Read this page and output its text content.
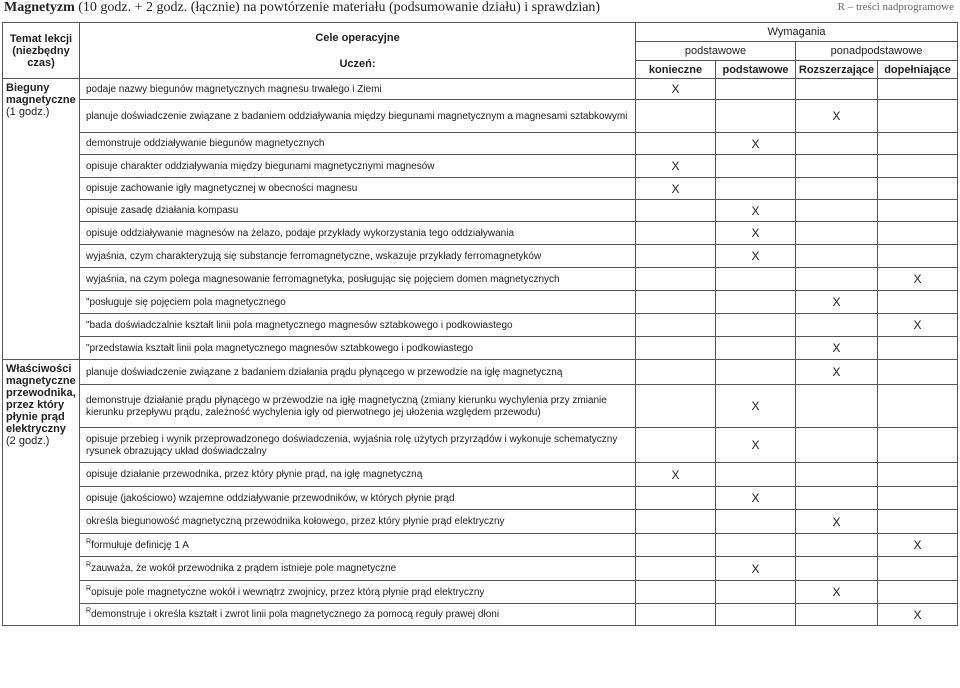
Magnetyzm (10 godz. + 2 godz. (łącznie) na powtórzenie materiału (podsumowanie działu) i sprawdzian)	R – treści nadprogramowe
Temat lekcji (niezbędny czas)	Cele operacyjne
Uczeń:	Wymagania			
		podstawowe		ponadpodstawowe	
		konieczne	podstawowe	Rozszerzające	dopełniające

Bieguny magnetyczne
(1 godz.)	podaje nazwy biegunów magnetycznych magnesu trwałego i Ziemi	X			
	planuje doświadczenie związane z badaniem oddziaływania między biegunami magnetycznym a magnesami sztabkowymi			X	
	demonstruje oddziaływanie biegunów magnetycznych		X		
	opisuje charakter oddziaływania między biegunami magnetycznymi magnesów	X			
	opisuje zachowanie igły magnetycznej w obecności magnesu	X			
	opisuje zasadę działania kompasu		X		
	opisuje oddziaływanie magnesów na żelazo, podaje przykłady wykorzystania tego oddziaływania		X		
	wyjaśnia, czym charakteryzują się substancje ferromagnetyczne, wskazuje przykłady ferromagnetyków		X		
	wyjaśnia, na czym polega magnesowanie ferromagnetyka, posługując się pojęciem domen magnetycznych				X
	"posługuje się pojęciem pola magnetycznego			X	
	"bada doświadczalnie kształt linii pola magnetycznego magnesów sztabkowego i podkowiastego				X
	"przedstawia kształt linii pola magnetycznego magnesów sztabkowego i podkowiastego			X	

Właściwości magnetyczne przewodnika, przez który płynie prąd elektryczny
(2 godz.)	planuje doświadczenie związane z badaniem działania prądu płynącego w przewodzie na igłę magnetyczną			X	
	demonstruje działanie prądu płynącego w przewodzie na igłę magnetyczną (zmiany kierunku wychylenia przy zmianie kierunku przepływu prądu, zależność wychylenia igły od pierwotnego jej ułożenia względem przewodu)		X		
	opisuje przebieg i wynik przeprowadzonego doświadczenia, wyjaśnia rolę użytych przyrządów i wykonuje schematyczny rysunek obrazujący układ doświadczalny		X		
	opisuje działanie przewodnika, przez który płynie prąd, na igłę magnetyczną	X			
	opisuje (jakościowo) wzajemne oddziaływanie przewodników, w których płynie prąd		X		
	określa biegunowość magnetyczną przewodnika kołowego, przez który płynie prąd elektryczny			X	
	$^R$formułuje definicję 1 A				X
	$^R$zauważa, że wokół przewodnika z prądem istnieje pole magnetyczne		X		
	$^R$opisuje pole magnetyczne wokół i wewnątrz zwojnicy, przez którą płynie prąd elektryczny			X	
	$^R$demonstruje i określa kształt i zwrot linii pola magnetycznego za pomocą reguły prawej dłoni				X
